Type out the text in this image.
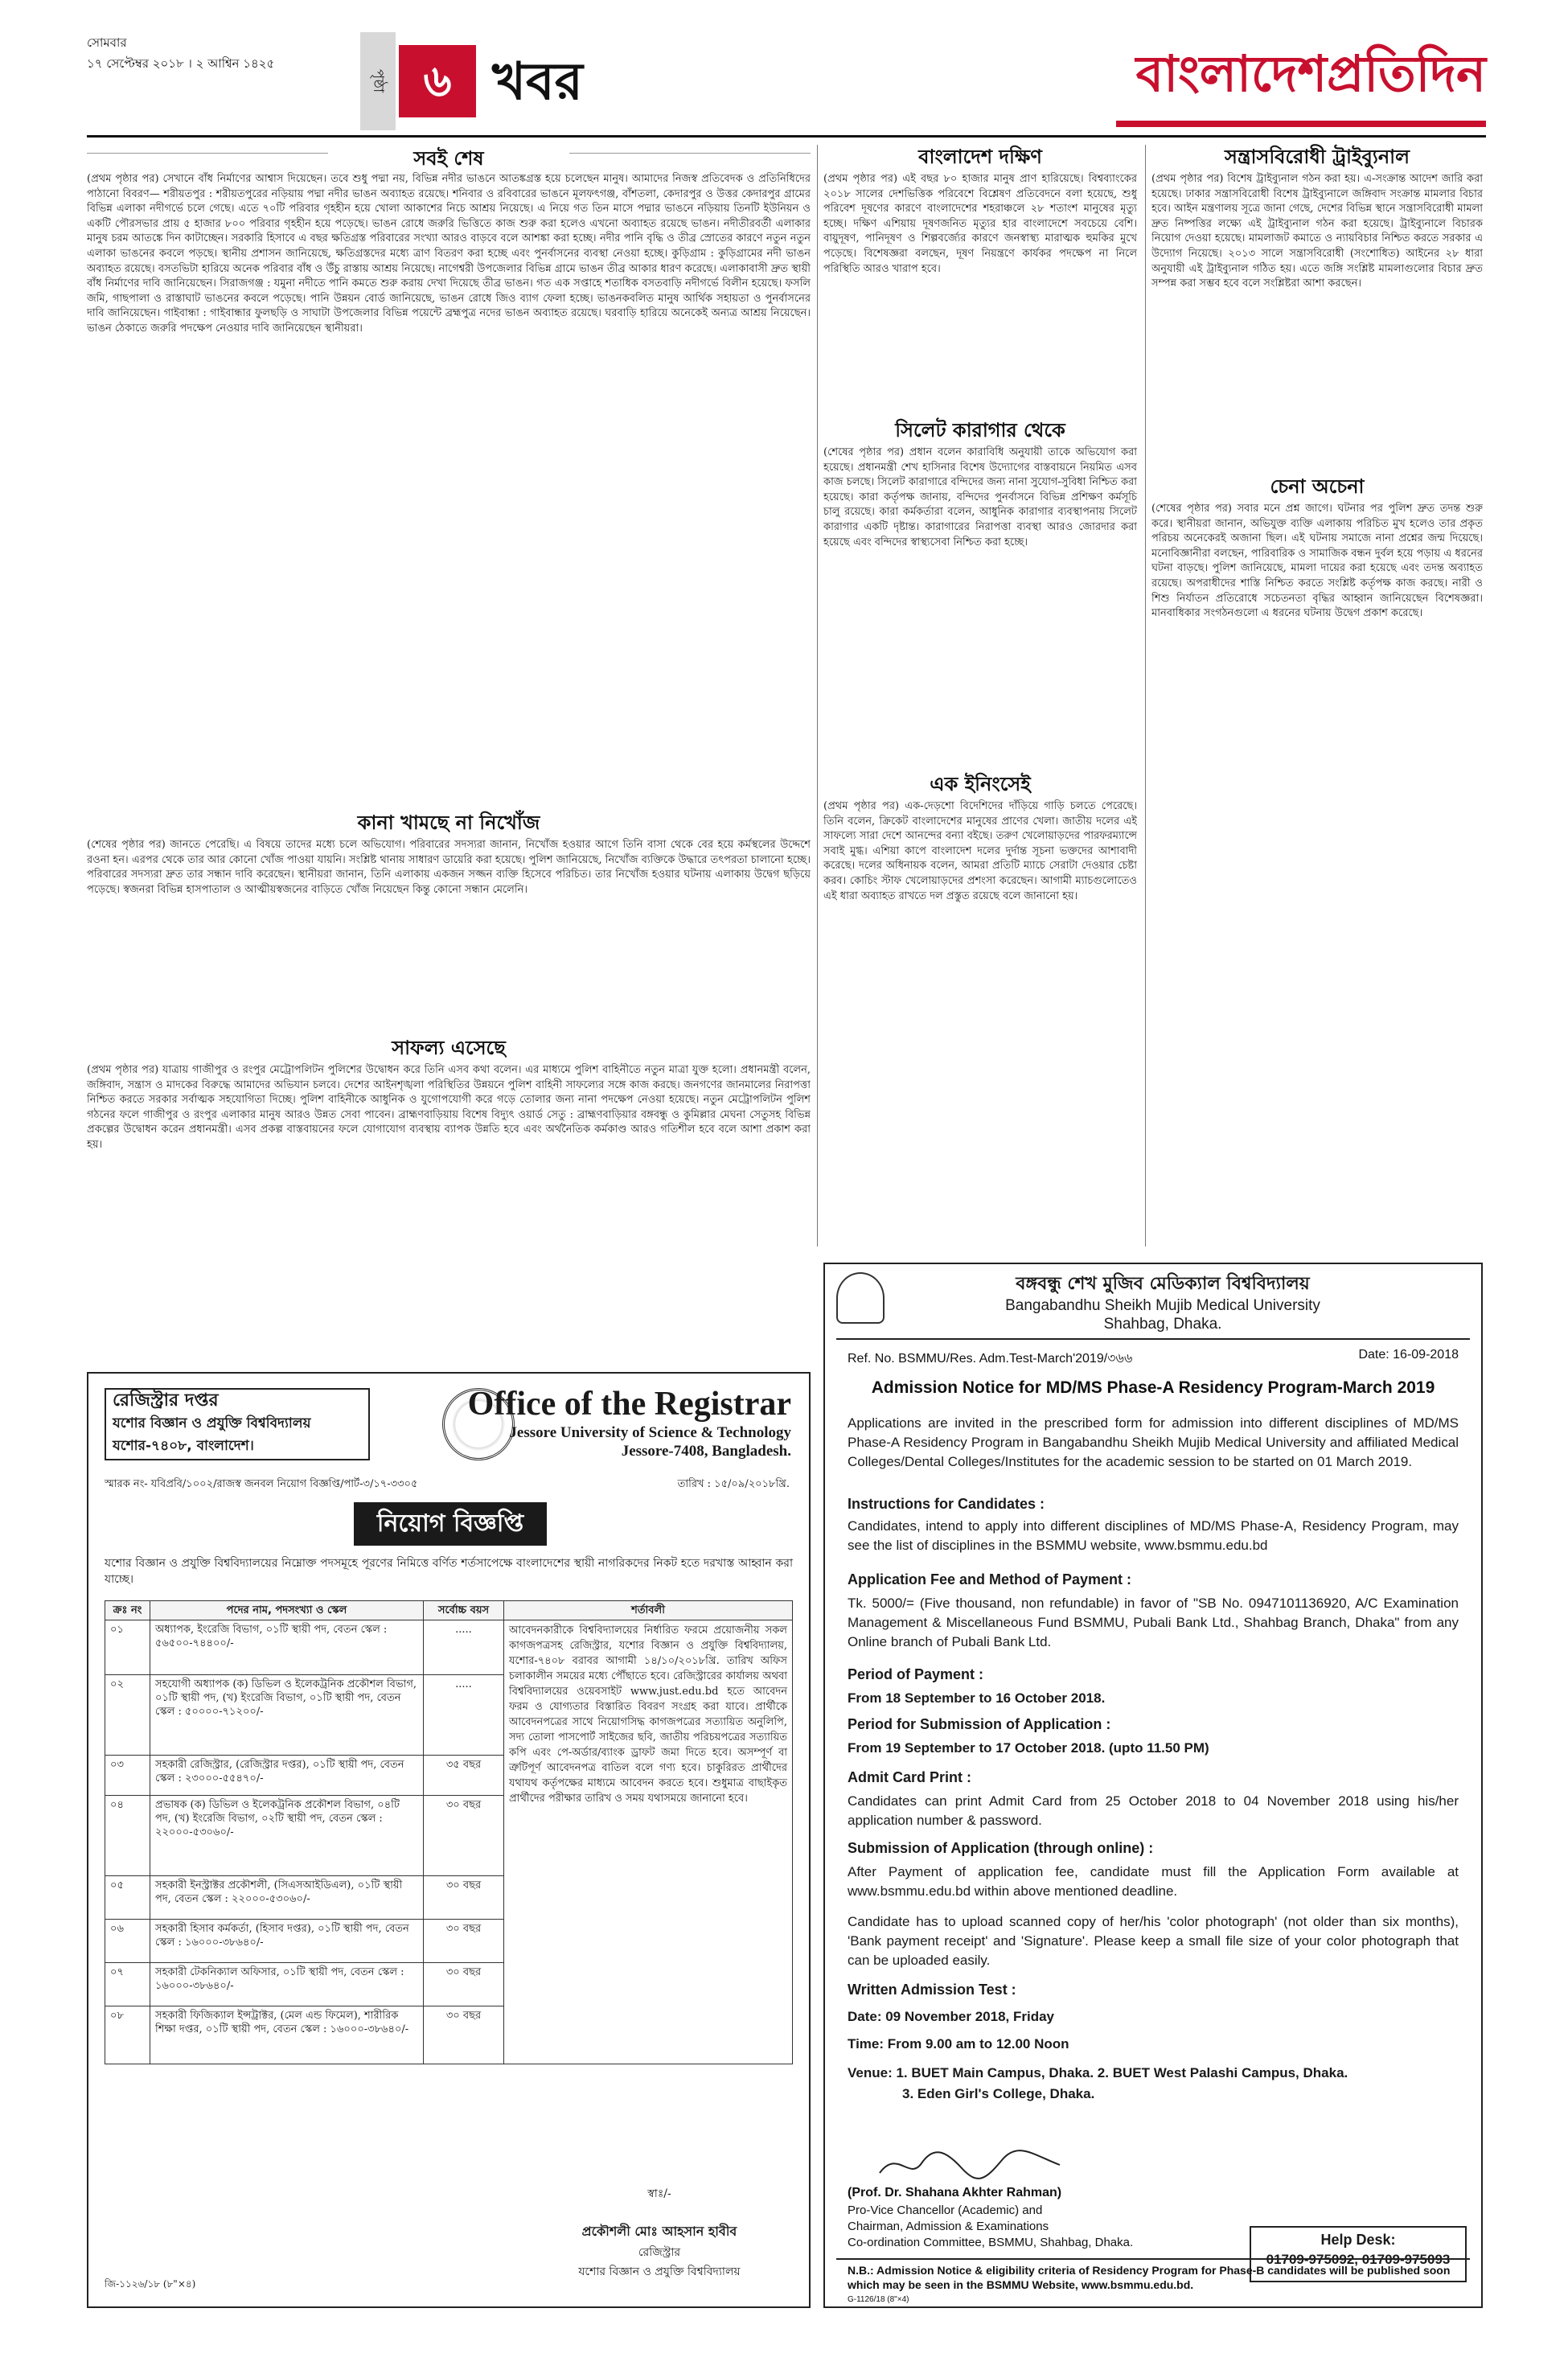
সোমবার
১৭ সেপ্টেম্বর ২০১৮ । ২ আশ্বিন ১৪২৫
পৃষ্ঠা ৬ খবর	বাংলাদেশপ্রতিদিন
সবই শেষ
(প্রথম পৃষ্ঠার পর) সেখানে বাঁধ নির্মাণের আশ্বাস দিয়েছেন। তবে শুধু পদ্মা নয়, বিভিন্ন নদীর ভাঙনে আতঙ্কগ্রস্ত হয়ে চলেছেন মানুষ। আমাদের নিজস্ব প্রতিবেদক ও প্রতিনিধিদের পাঠানো বিবরণ— শরীয়তপুর : শরীয়তপুরের নড়িয়ায় পদ্মা নদীর ভাঙন অব্যাহত রয়েছে। শনিবার ও রবিবারের ভাঙনে মূলফৎগঞ্জ, বাঁশতলা, কেদারপুর ও উত্তর কেদারপুর গ্রামের বিভিন্ন এলাকা নদীগর্ভে চলে গেছে। এতে ৭০টি পরিবার গৃহহীন হয়ে খোলা আকাশের নিচে আশ্রয় নিয়েছে। এ নিয়ে গত তিন মাসে পদ্মার ভাঙনে নড়িয়ায় তিনটি ইউনিয়ন ও একটি পৌরসভার প্রায় ৫ হাজার ৮০০ পরিবার গৃহহীন হয়ে পড়েছে। ভাঙন রোধে জরুরি ভিত্তিতে কাজ শুরু করা হলেও এখনো অব্যাহত রয়েছে ভাঙন। নদীতীরবর্তী এলাকার মানুষ চরম আতঙ্কে দিন কাটাচ্ছেন। সরকারি হিসাবে এ বছর ক্ষতিগ্রস্ত পরিবারের সংখ্যা আরও বাড়বে বলে আশঙ্কা করা হচ্ছে। নদীর পানি বৃদ্ধি ও তীব্র স্রোতের কারণে নতুন নতুন এলাকা ভাঙনের কবলে পড়ছে। স্থানীয় প্রশাসন জানিয়েছে, ক্ষতিগ্রস্তদের মধ্যে ত্রাণ বিতরণ করা হচ্ছে এবং পুনর্বাসনের ব্যবস্থা নেওয়া হচ্ছে। কুড়িগ্রাম : কুড়িগ্রামের নদী ভাঙন অব্যাহত রয়েছে। বসতভিটা হারিয়ে অনেক পরিবার বাঁধ ও উঁচু রাস্তায় আশ্রয় নিয়েছে। নাগেশ্বরী উপজেলার বিভিন্ন গ্রামে ভাঙন তীব্র আকার ধারণ করেছে। এলাকাবাসী দ্রুত স্থায়ী বাঁধ নির্মাণের দাবি জানিয়েছেন। সিরাজগঞ্জ : যমুনা নদীতে পানি কমতে শুরু করায় দেখা দিয়েছে তীব্র ভাঙন। গত এক সপ্তাহে শতাধিক বসতবাড়ি নদীগর্ভে বিলীন হয়েছে। ফসলি জমি, গাছপালা ও রাস্তাঘাট ভাঙনের কবলে পড়েছে। পানি উন্নয়ন বোর্ড জানিয়েছে, ভাঙন রোধে জিও ব্যাগ ফেলা হচ্ছে। ভাঙনকবলিত মানুষ আর্থিক সহায়তা ও পুনর্বাসনের দাবি জানিয়েছেন। গাইবান্ধা : গাইবান্ধার ফুলছড়ি ও সাঘাটা উপজেলার বিভিন্ন পয়েন্টে ব্রহ্মপুত্র নদের ভাঙন অব্যাহত রয়েছে। ঘরবাড়ি হারিয়ে অনেকেই অন্যত্র আশ্রয় নিয়েছেন। ভাঙন ঠেকাতে জরুরি পদক্ষেপ নেওয়ার দাবি জানিয়েছেন স্থানীয়রা।
কানা খামছে না নিখোঁজ
(শেষের পৃষ্ঠার পর) জানতে পেরেছি। এ বিষয়ে তাদের মধ্যে চলে অভিযোগ। পরিবারের সদস্যরা জানান, নিখোঁজ হওয়ার আগে তিনি বাসা থেকে বের হয়ে কর্মস্থলের উদ্দেশে রওনা হন। এরপর থেকে তার আর কোনো খোঁজ পাওয়া যায়নি। সংশ্লিষ্ট থানায় সাধারণ ডায়েরি করা হয়েছে। পুলিশ জানিয়েছে, নিখোঁজ ব্যক্তিকে উদ্ধারে তৎপরতা চালানো হচ্ছে। পরিবারের সদস্যরা দ্রুত তার সন্ধান দাবি করেছেন। স্থানীয়রা জানান, তিনি এলাকায় একজন সজ্জন ব্যক্তি হিসেবে পরিচিত। তার নিখোঁজ হওয়ার ঘটনায় এলাকায় উদ্বেগ ছড়িয়ে পড়েছে। স্বজনরা বিভিন্ন হাসপাতাল ও আত্মীয়স্বজনের বাড়িতে খোঁজ নিয়েছেন কিন্তু কোনো সন্ধান মেলেনি।
সাফল্য এসেছে
(প্রথম পৃষ্ঠার পর) যাত্রায় গাজীপুর ও রংপুর মেট্রোপলিটন পুলিশের উদ্বোধন করে তিনি এসব কথা বলেন। এর মাধ্যমে পুলিশ বাহিনীতে নতুন মাত্রা যুক্ত হলো। প্রধানমন্ত্রী বলেন, জঙ্গিবাদ, সন্ত্রাস ও মাদকের বিরুদ্ধে আমাদের অভিযান চলবে। দেশের আইনশৃঙ্খলা পরিস্থিতির উন্নয়নে পুলিশ বাহিনী সাফল্যের সঙ্গে কাজ করছে। জনগণের জানমালের নিরাপত্তা নিশ্চিত করতে সরকার সর্বাত্মক সহযোগিতা দিচ্ছে। পুলিশ বাহিনীকে আধুনিক ও যুগোপযোগী করে গড়ে তোলার জন্য নানা পদক্ষেপ নেওয়া হয়েছে। নতুন মেট্রোপলিটন পুলিশ গঠনের ফলে গাজীপুর ও রংপুর এলাকার মানুষ আরও উন্নত সেবা পাবেন। ব্রাহ্মণবাড়িয়ায় বিশেষ বিদ্যুৎ ওয়ার্ড সেতু : ব্রাহ্মণবাড়িয়ার বঙ্গবন্ধু ও কুমিল্লার মেঘনা সেতুসহ বিভিন্ন প্রকল্পের উদ্বোধন করেন প্রধানমন্ত্রী। এসব প্রকল্প বাস্তবায়নের ফলে যোগাযোগ ব্যবস্থায় ব্যাপক উন্নতি হবে এবং অর্থনৈতিক কর্মকাণ্ড আরও গতিশীল হবে বলে আশা প্রকাশ করা হয়।
বাংলাদেশ দক্ষিণ
(প্রথম পৃষ্ঠার পর) এই বছর ৮০ হাজার মানুষ প্রাণ হারিয়েছে। বিশ্বব্যাংকের ২০১৮ সালের দেশভিত্তিক পরিবেশে বিশ্লেষণ প্রতিবেদনে বলা হয়েছে, শুধু পরিবেশ দূষণের কারণে বাংলাদেশের শহরাঞ্চলে ২৮ শতাংশ মানুষের মৃত্যু হচ্ছে। দক্ষিণ এশিয়ায় দূষণজনিত মৃত্যুর হার বাংলাদেশে সবচেয়ে বেশি। বায়ুদূষণ, পানিদূষণ ও শিল্পবর্জ্যের কারণে জনস্বাস্থ্য মারাত্মক হুমকির মুখে পড়েছে। বিশেষজ্ঞরা বলছেন, দূষণ নিয়ন্ত্রণে কার্যকর পদক্ষেপ না নিলে পরিস্থিতি আরও খারাপ হবে।
সিলেট কারাগার থেকে
(শেষের পৃষ্ঠার পর) প্রধান বলেন কারাবিধি অনুযায়ী তাকে অভিযোগ করা হয়েছে। প্রধানমন্ত্রী শেখ হাসিনার বিশেষ উদ্যোগের বাস্তবায়নে নিয়মিত এসব কাজ চলছে। সিলেট কারাগারে বন্দিদের জন্য নানা সুযোগ-সুবিধা নিশ্চিত করা হয়েছে। কারা কর্তৃপক্ষ জানায়, বন্দিদের পুনর্বাসনে বিভিন্ন প্রশিক্ষণ কর্মসূচি চালু রয়েছে। কারা কর্মকর্তারা বলেন, আধুনিক কারাগার ব্যবস্থাপনায় সিলেট কারাগার একটি দৃষ্টান্ত। কারাগারের নিরাপত্তা ব্যবস্থা আরও জোরদার করা হয়েছে এবং বন্দিদের স্বাস্থ্যসেবা নিশ্চিত করা হচ্ছে।
এক ইনিংসেই
(প্রথম পৃষ্ঠার পর) এক-দেড়শো বিদেশিদের দাঁড়িয়ে গাড়ি চলতে পেরেছে। তিনি বলেন, ক্রিকেট বাংলাদেশের মানুষের প্রাণের খেলা। জাতীয় দলের এই সাফল্যে সারা দেশে আনন্দের বন্যা বইছে। তরুণ খেলোয়াড়দের পারফরম্যান্সে সবাই মুগ্ধ। এশিয়া কাপে বাংলাদেশ দলের দুর্দান্ত সূচনা ভক্তদের আশাবাদী করেছে। দলের অধিনায়ক বলেন, আমরা প্রতিটি ম্যাচে সেরাটা দেওয়ার চেষ্টা করব। কোচিং স্টাফ খেলোয়াড়দের প্রশংসা করেছেন। আগামী ম্যাচগুলোতেও এই ধারা অব্যাহত রাখতে দল প্রস্তুত রয়েছে বলে জানানো হয়।
সন্ত্রাসবিরোধী ট্রাইব্যুনাল
(প্রথম পৃষ্ঠার পর) বিশেষ ট্রাইব্যুনাল গঠন করা হয়। এ-সংক্রান্ত আদেশ জারি করা হয়েছে। ঢাকার সন্ত্রাসবিরোধী বিশেষ ট্রাইব্যুনালে জঙ্গিবাদ সংক্রান্ত মামলার বিচার হবে। আইন মন্ত্রণালয় সূত্রে জানা গেছে, দেশের বিভিন্ন স্থানে সন্ত্রাসবিরোধী মামলা দ্রুত নিষ্পত্তির লক্ষ্যে এই ট্রাইব্যুনাল গঠন করা হয়েছে। ট্রাইব্যুনালে বিচারক নিয়োগ দেওয়া হয়েছে। মামলাজট কমাতে ও ন্যায়বিচার নিশ্চিত করতে সরকার এ উদ্যোগ নিয়েছে। ২০১৩ সালে সন্ত্রাসবিরোধী (সংশোধিত) আইনের ২৮ ধারা অনুযায়ী এই ট্রাইব্যুনাল গঠিত হয়। এতে জঙ্গি সংশ্লিষ্ট মামলাগুলোর বিচার দ্রুত সম্পন্ন করা সম্ভব হবে বলে সংশ্লিষ্টরা আশা করছেন।
চেনা অচেনা
(শেষের পৃষ্ঠার পর) সবার মনে প্রশ্ন জাগে। ঘটনার পর পুলিশ দ্রুত তদন্ত শুরু করে। স্থানীয়রা জানান, অভিযুক্ত ব্যক্তি এলাকায় পরিচিত মুখ হলেও তার প্রকৃত পরিচয় অনেকেরই অজানা ছিল। এই ঘটনায় সমাজে নানা প্রশ্নের জন্ম দিয়েছে। মনোবিজ্ঞানীরা বলছেন, পারিবারিক ও সামাজিক বন্ধন দুর্বল হয়ে পড়ায় এ ধরনের ঘটনা বাড়ছে। পুলিশ জানিয়েছে, মামলা দায়ের করা হয়েছে এবং তদন্ত অব্যাহত রয়েছে। অপরাধীদের শাস্তি নিশ্চিত করতে সংশ্লিষ্ট কর্তৃপক্ষ কাজ করছে। নারী ও শিশু নির্যাতন প্রতিরোধে সচেতনতা বৃদ্ধির আহ্বান জানিয়েছেন বিশেষজ্ঞরা। মানবাধিকার সংগঠনগুলো এ ধরনের ঘটনায় উদ্বেগ প্রকাশ করেছে।
রেজিস্ট্রার দপ্তর
যশোর বিজ্ঞান ও প্রযুক্তি বিশ্ববিদ্যালয়
যশোর-৭৪০৮, বাংলাদেশ।
Office of the Registrar
Jessore University of Science & Technology
Jessore-7408, Bangladesh.
স্মারক নং- যবিপ্রবি/১০০২/রাজস্ব জনবল নিয়োগ বিজ্ঞপ্তি/পার্ট-৩/১৭-৩৩০৫	তারিখ : ১৫/০৯/২০১৮খ্রি.
নিয়োগ বিজ্ঞপ্তি
যশোর বিজ্ঞান ও প্রযুক্তি বিশ্ববিদ্যালয়ের নিম্নোক্ত পদসমূহে পূরণের নিমিত্তে বর্ণিত শর্তসাপেক্ষে বাংলাদেশের স্থায়ী নাগরিকদের নিকট হতে দরখাস্ত আহ্বান করা যাচ্ছে।
ক্রঃ নং	পদের নাম, পদসংখ্যা ও স্কেল	সর্বোচ্চ বয়স	শর্তাবলী
০১	অধ্যাপক, ইংরেজি বিভাগ, ০১টি স্থায়ী পদ, বেতন স্কেল : ৫৬৫০০-৭৪৪০০/-	.....	আবেদনকারীকে বিশ্ববিদ্যালয়ের নির্ধারিত ফরমে প্রয়োজনীয় সকল কাগজপত্রসহ রেজিস্ট্রার, যশোর বিজ্ঞান ও প্রযুক্তি বিশ্ববিদ্যালয়, যশোর-৭৪০৮ বরাবর আগামী ১৪/১০/২০১৮খ্রি. তারিখ অফিস চলাকালীন সময়ের মধ্যে পৌঁছাতে হবে। রেজিস্ট্রারের কার্যালয় অথবা বিশ্ববিদ্যালয়ের ওয়েবসাইট www.just.edu.bd হতে আবেদন ফরম ও যোগ্যতার বিস্তারিত বিবরণ সংগ্রহ করা যাবে। প্রার্থীকে আবেদনপত্রের সাথে নিয়োগসিদ্ধ কাগজপত্রের সত্যায়িত অনুলিপি, সদ্য তোলা পাসপোর্ট সাইজের ছবি, জাতীয় পরিচয়পত্রের সত্যায়িত কপি এবং পে-অর্ডার/ব্যাংক ড্রাফট জমা দিতে হবে। অসম্পূর্ণ বা ত্রুটিপূর্ণ আবেদনপত্র বাতিল বলে গণ্য হবে। চাকুরিরত প্রার্থীদের যথাযথ কর্তৃপক্ষের মাধ্যমে আবেদন করতে হবে। শুধুমাত্র বাছাইকৃত প্রার্থীদের পরীক্ষার তারিখ ও সময় যথাসময়ে জানানো হবে।
০২	সহযোগী অধ্যাপক (ক) ডিভিল ও ইলেকট্রনিক প্রকৌশল বিভাগ, ০১টি স্থায়ী পদ, (খ) ইংরেজি বিভাগ, ০১টি স্থায়ী পদ, বেতন স্কেল : ৫০০০০-৭১২০০/-	.....	
০৩	সহকারী রেজিস্ট্রার, (রেজিস্ট্রার দপ্তর), ০১টি স্থায়ী পদ, বেতন স্কেল : ২৩০০০-৫৫৪৭০/-	৩৫ বছর	
০৪	প্রভাষক (ক) ডিভিল ও ইলেকট্রনিক প্রকৌশল বিভাগ, ০৪টি পদ, (খ) ইংরেজি বিভাগ, ০২টি স্থায়ী পদ, বেতন স্কেল : ২২০০০-৫৩০৬০/-	৩০ বছর	
০৫	সহকারী ইনস্ট্রাক্টর প্রকৌশলী, (সিএসআইডিএল), ০১টি স্থায়ী পদ, বেতন স্কেল : ২২০০০-৫৩০৬০/-	৩০ বছর	
০৬	সহকারী হিসাব কর্মকর্তা, (হিসাব দপ্তর), ০১টি স্থায়ী পদ, বেতন স্কেল : ১৬০০০-৩৮৬৪০/-	৩০ বছর	
০৭	সহকারী টেকনিক্যাল অফিসার, ০১টি স্থায়ী পদ, বেতন স্কেল : ১৬০০০-৩৮৬৪০/-	৩০ বছর	
০৮	সহকারী ফিজিক্যাল ইন্সট্রাক্টর, (মেল এন্ড ফিমেল), শারীরিক শিক্ষা দপ্তর, ০১টি স্থায়ী পদ, বেতন স্কেল : ১৬০০০-৩৮৬৪০/-	৩০ বছর	
স্বাঃ/-
প্রকৌশলী মোঃ আহসান হাবীব
রেজিস্ট্রার
যশোর বিজ্ঞান ও প্রযুক্তি বিশ্ববিদ্যালয়
জি-১১২৬/১৮ (৮"×৪)
বঙ্গবন্ধু শেখ মুজিব মেডিক্যাল বিশ্ববিদ্যালয়
Bangabandhu Sheikh Mujib Medical University
Shahbag, Dhaka.
Ref. No. BSMMU/Res. Adm.Test-March'2019/৩৬৬	Date: 16-09-2018
Admission Notice for MD/MS Phase-A Residency Program-March 2019
Applications are invited in the prescribed form for admission into different disciplines of MD/MS Phase-A Residency Program in Bangabandhu Sheikh Mujib Medical University and affiliated Medical Colleges/Dental Colleges/Institutes for the academic session to be started on 01 March 2019.
Instructions for Candidates :
Candidates, intend to apply into different disciplines of MD/MS Phase-A, Residency Program, may see the list of disciplines in the BSMMU website, www.bsmmu.edu.bd
Application Fee and Method of Payment :
Tk. 5000/= (Five thousand, non refundable) in favor of "SB No. 0947101136920, A/C Examination Management & Miscellaneous Fund BSMMU, Pubali Bank Ltd., Shahbag Branch, Dhaka" from any Online branch of Pubali Bank Ltd.
Period of Payment :
From 18 September to 16 October 2018.
Period for Submission of Application :
From 19 September to 17 October 2018. (upto 11.50 PM)
Admit Card Print :
Candidates can print Admit Card from 25 October 2018 to 04 November 2018 using his/her application number & password.
Submission of Application (through online) :
After Payment of application fee, candidate must fill the Application Form available at www.bsmmu.edu.bd within above mentioned deadline.
Candidate has to upload scanned copy of her/his 'color photograph' (not older than six months), 'Bank payment receipt' and 'Signature'. Please keep a small file size of your color photograph that can be uploaded easily.
Written Admission Test :
Date: 09 November 2018, Friday
Time: From 9.00 am to 12.00 Noon
Venue: 1. BUET Main Campus, Dhaka. 2. BUET West Palashi Campus, Dhaka.
3. Eden Girl's College, Dhaka.
(Prof. Dr. Shahana Akhter Rahman)
Pro-Vice Chancellor (Academic) and
Chairman, Admission & Examinations
Co-ordination Committee, BSMMU, Shahbag, Dhaka.	Help Desk:
N.B.: Admission Notice & eligibility criteria of Residency Program for Phase-B candidates will be published soon which may be seen in the BSMMU Website, www.bsmmu.edu.bd.
G-1126/18 (8"×4)
